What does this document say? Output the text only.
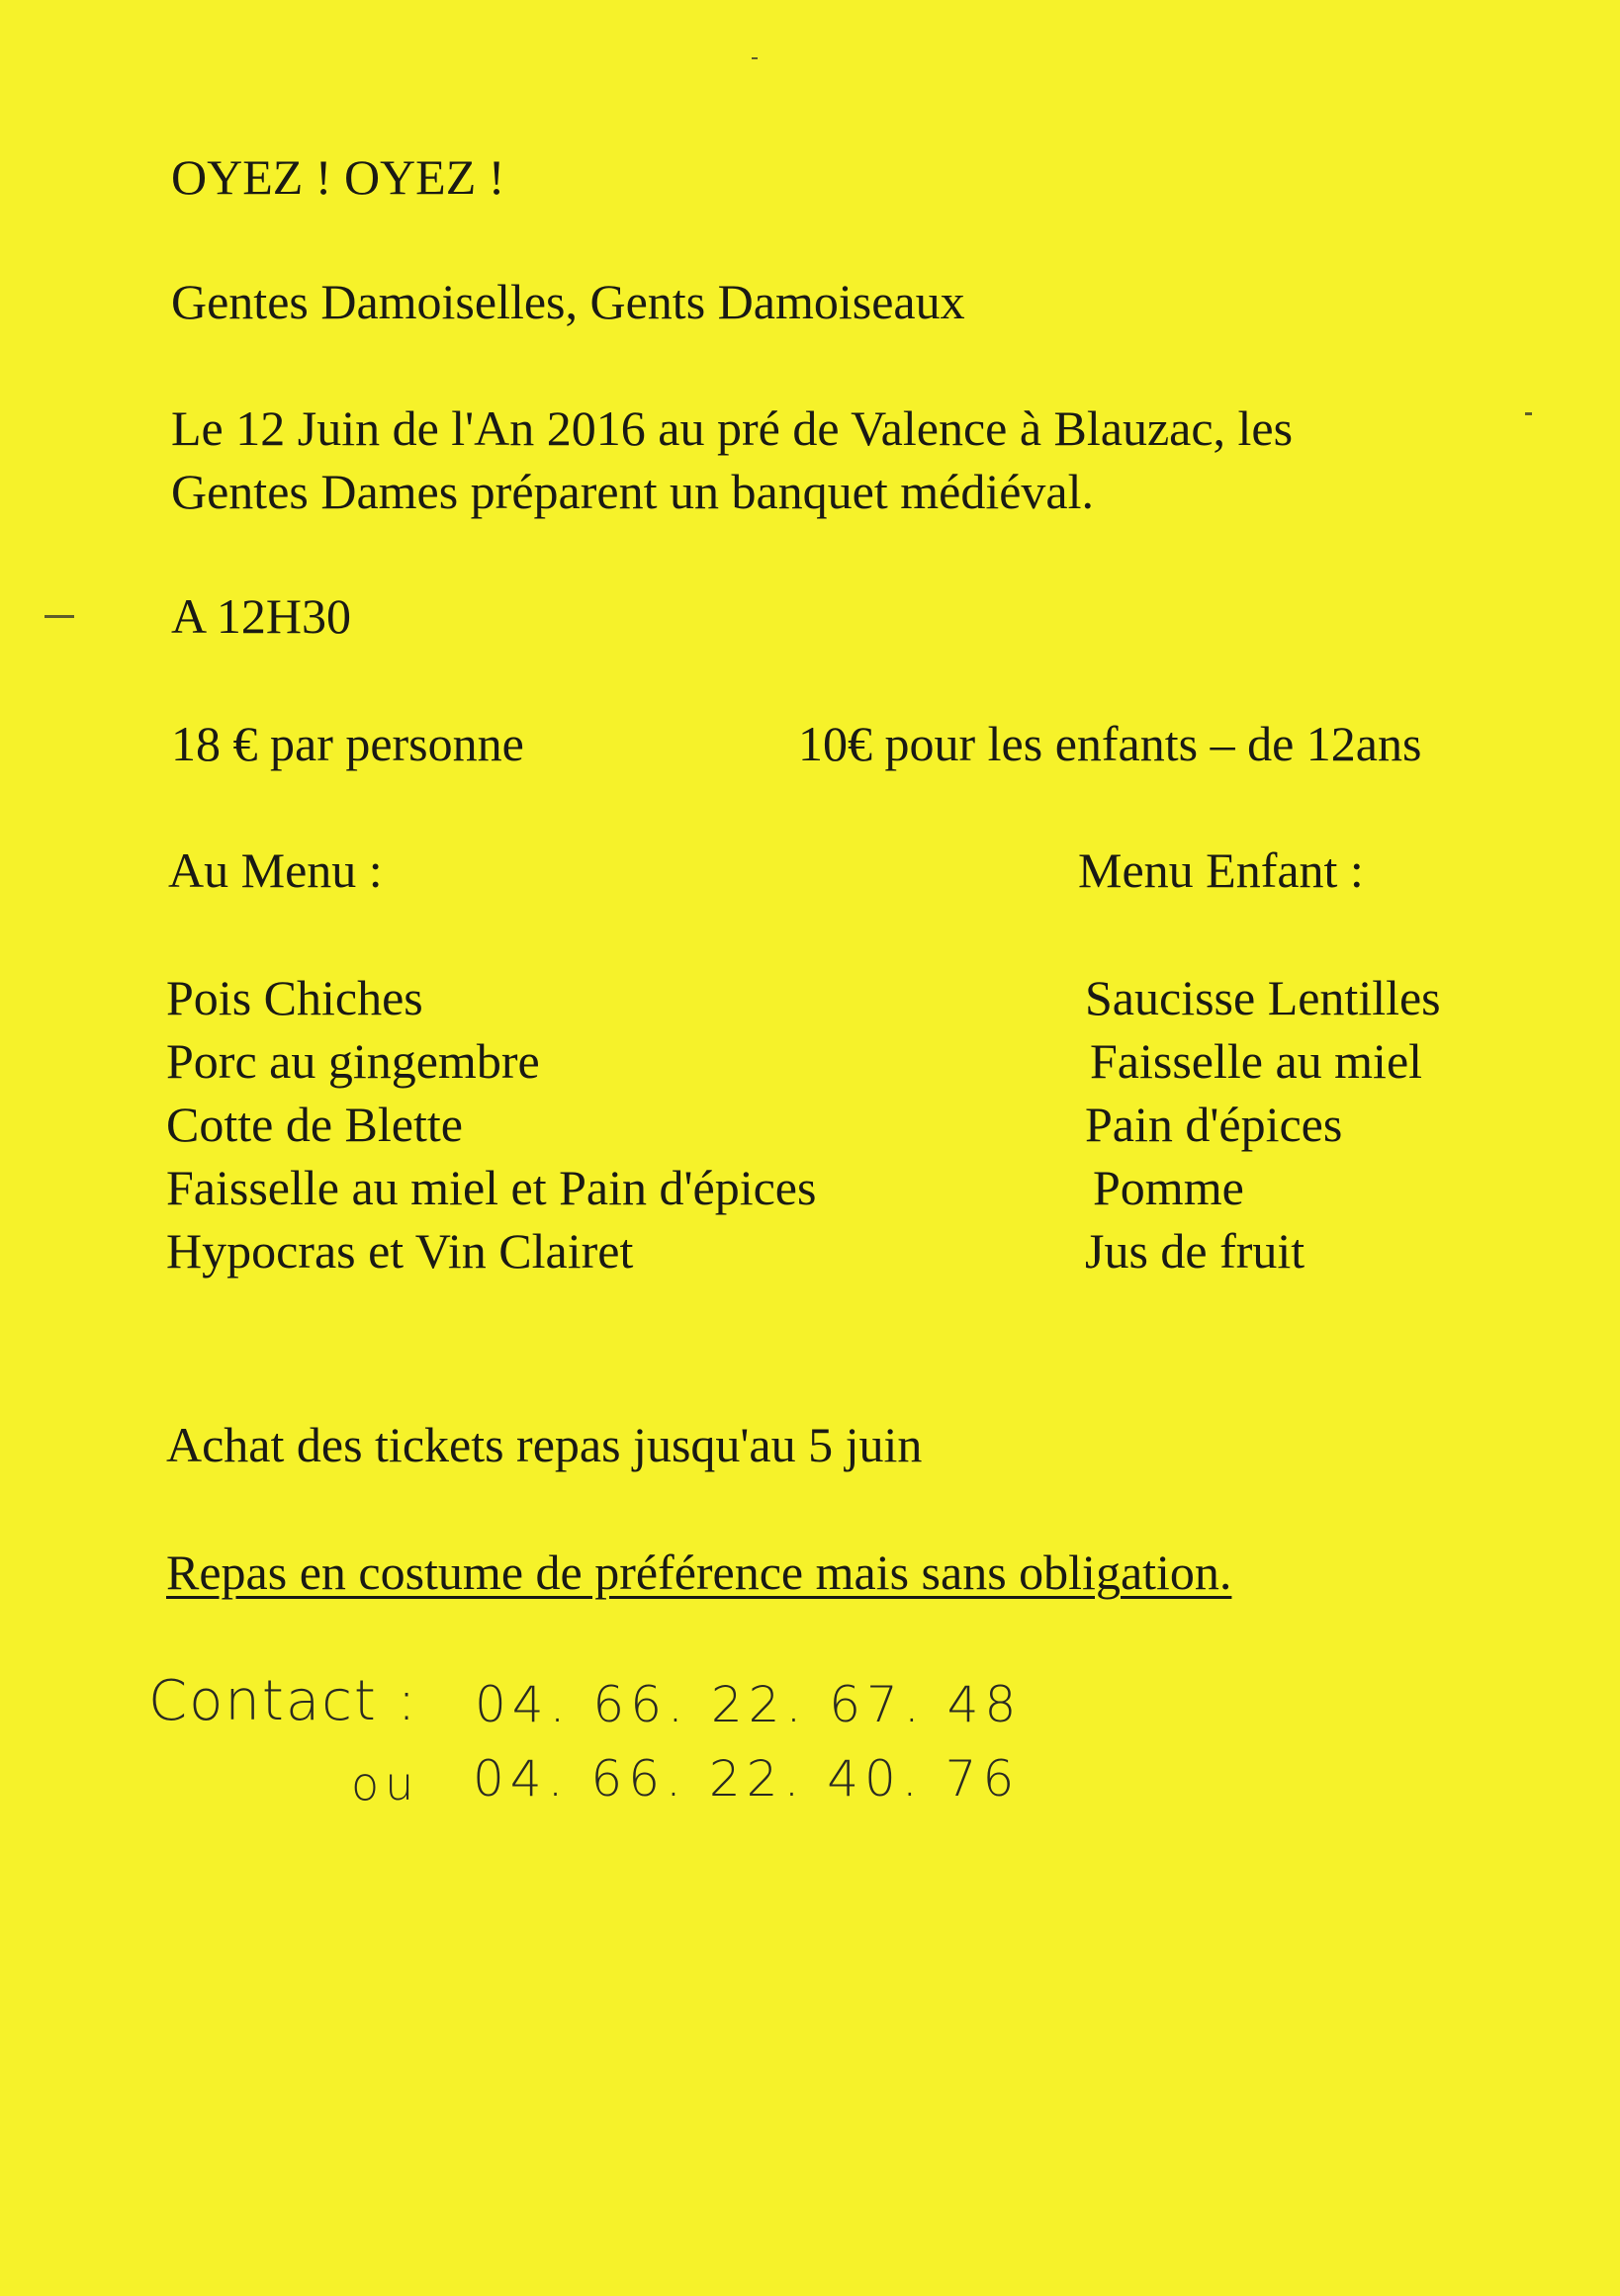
OYEZ ! OYEZ !
Gentes Damoiselles, Gents Damoiseaux
Le 12 Juin de l'An 2016 au pré de Valence à Blauzac, les
Gentes Dames préparent un banquet médiéval.
A 12H30
18 € par personne	10€ pour les enfants – de 12ans
Au Menu :	Menu Enfant :
Pois Chiches
Porc au gingembre
Cotte de Blette
Faisselle au miel et Pain d'épices
Hypocras et Vin Clairet
Saucisse Lentilles
Faisselle au miel
Pain d'épices
Pomme
Jus de fruit
Achat des tickets repas jusqu'au 5 juin
Repas en costume de préférence mais sans obligation.
Contact : 04. 66. 22. 67. 48
ou 04. 66. 22. 40. 76
